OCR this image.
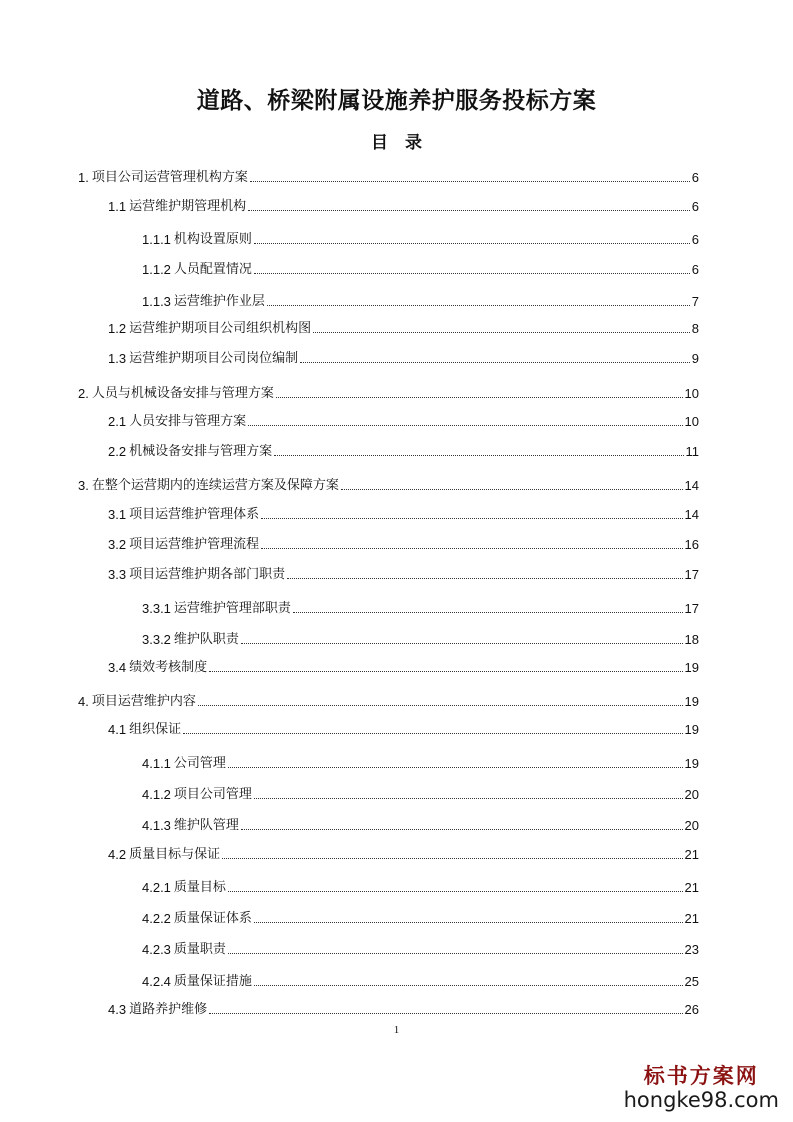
道路、桥梁附属设施养护服务投标方案
目　录
1. 项目公司运营管理机构方案	6
1.1 运营维护期管理机构	6
1.1.1 机构设置原则	6
1.1.2 人员配置情况	6
1.1.3 运营维护作业层	7
1.2 运营维护期项目公司组织机构图	8
1.3 运营维护期项目公司岗位编制	9
2. 人员与机械设备安排与管理方案	10
2.1 人员安排与管理方案	10
2.2 机械设备安排与管理方案	11
3. 在整个运营期内的连续运营方案及保障方案	14
3.1 项目运营维护管理体系	14
3.2 项目运营维护管理流程	16
3.3 项目运营维护期各部门职责	17
3.3.1 运营维护管理部职责	17
3.3.2 维护队职责	18
3.4 绩效考核制度	19
4. 项目运营维护内容	19
4.1 组织保证	19
4.1.1 公司管理	19
4.1.2 项目公司管理	20
4.1.3 维护队管理	20
4.2 质量目标与保证	21
4.2.1 质量目标	21
4.2.2 质量保证体系	21
4.2.3 质量职责	23
4.2.4 质量保证措施	25
4.3 道路养护维修	26
1
标书方案网
hongke98.com
